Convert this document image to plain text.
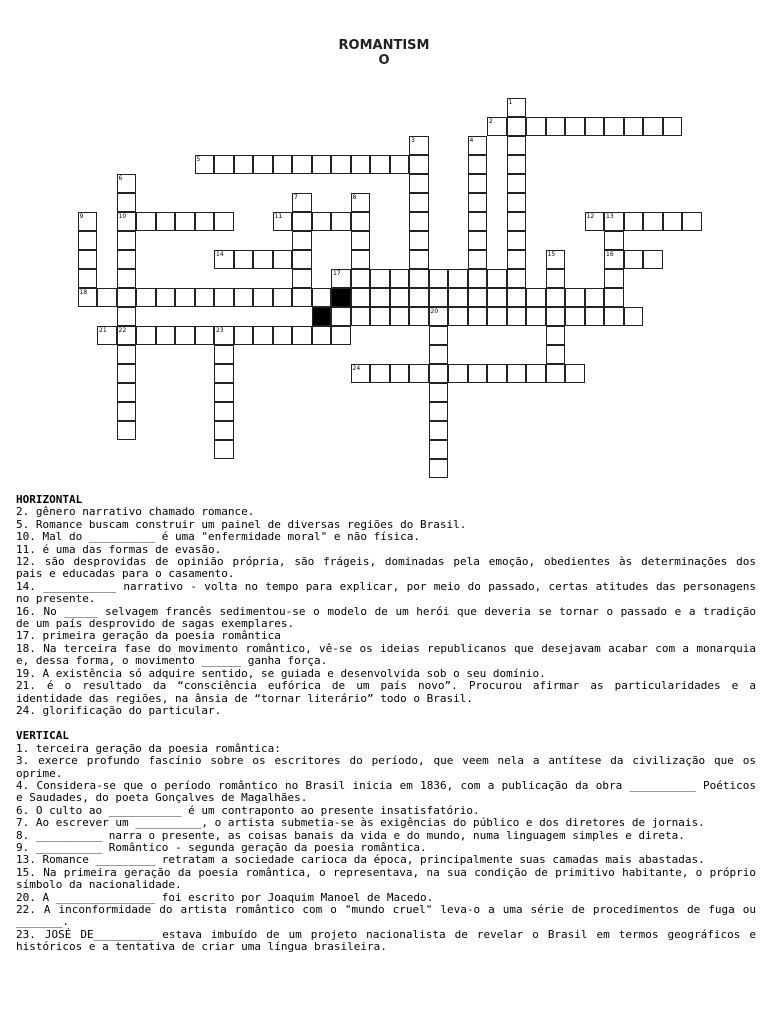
ROMANTISM
O
2
5
10	11	12 13
14	16
17
18
20
21 22	23
24
1
3	4
6
7	8
9
15
HORIZONTAL
2. gênero narrativo chamado romance.
5. Romance buscam construir um painel de diversas regiões do Brasil.
10. Mal do __________ é uma "enfermidade moral" e não física.
11. é uma das formas de evasão.
12. são desprovidas de opinião própria, são frágeis, dominadas pela emoção, obedientes às determinações dos pais e educadas para o casamento.
14. ___________ narrativo - volta no tempo para explicar, por meio do passado, certas atitudes das personagens no presente.
16. No _____ selvagem francês sedimentou-se o modelo de um herói que deveria se tornar o passado e a tradição de um país desprovido de sagas exemplares.
17. primeira geração da poesia romântica
18. Na terceira fase do movimento romântico, vê-se os ideias republicanos que desejavam acabar com a monarquia e, dessa forma, o movimento ______ ganha força.
19. A existência só adquire sentido, se guiada e desenvolvida sob o seu domínio.
21. é o resultado da “consciência eufórica de um país novo”. Procurou afirmar as particularidades e a identidade das regiões, na ânsia de “tornar literário” todo o Brasil.
24. glorificação do particular.
VERTICAL
1. terceira geração da poesia romântica:
3. exerce profundo fascínio sobre os escritores do período, que veem nela a antítese da civilização que os oprime.
4. Considera-se que o período romântico no Brasil inicia em 1836, com a publicação da obra __________ Poéticos e Saudades, do poeta Gonçalves de Magalhães.
6. O culto ao ___________ é um contraponto ao presente insatisfatório.
7. Ao escrever um __________, o artista submetia-se às exigências do público e dos diretores de jornais.
8. __________ narra o presente, as coisas banais da vida e do mundo, numa linguagem simples e direta.
9. __________ Romântico - segunda geração da poesia romântica.
13. Romance _________ retratam a sociedade carioca da época, principalmente suas camadas mais abastadas.
15. Na primeira geração da poesia romântica, o representava, na sua condição de primitivo habitante, o próprio símbolo da nacionalidade.
20. A _______________ foi escrito por Joaquim Manoel de Macedo.
22. A inconformidade do artista romântico com o "mundo cruel" leva-o a uma série de procedimentos de fuga ou _______.
23. JOSÉ DE_________ estava imbuído de um projeto nacionalista de revelar o Brasil em termos geográficos e históricos e a tentativa de criar uma língua brasileira.
